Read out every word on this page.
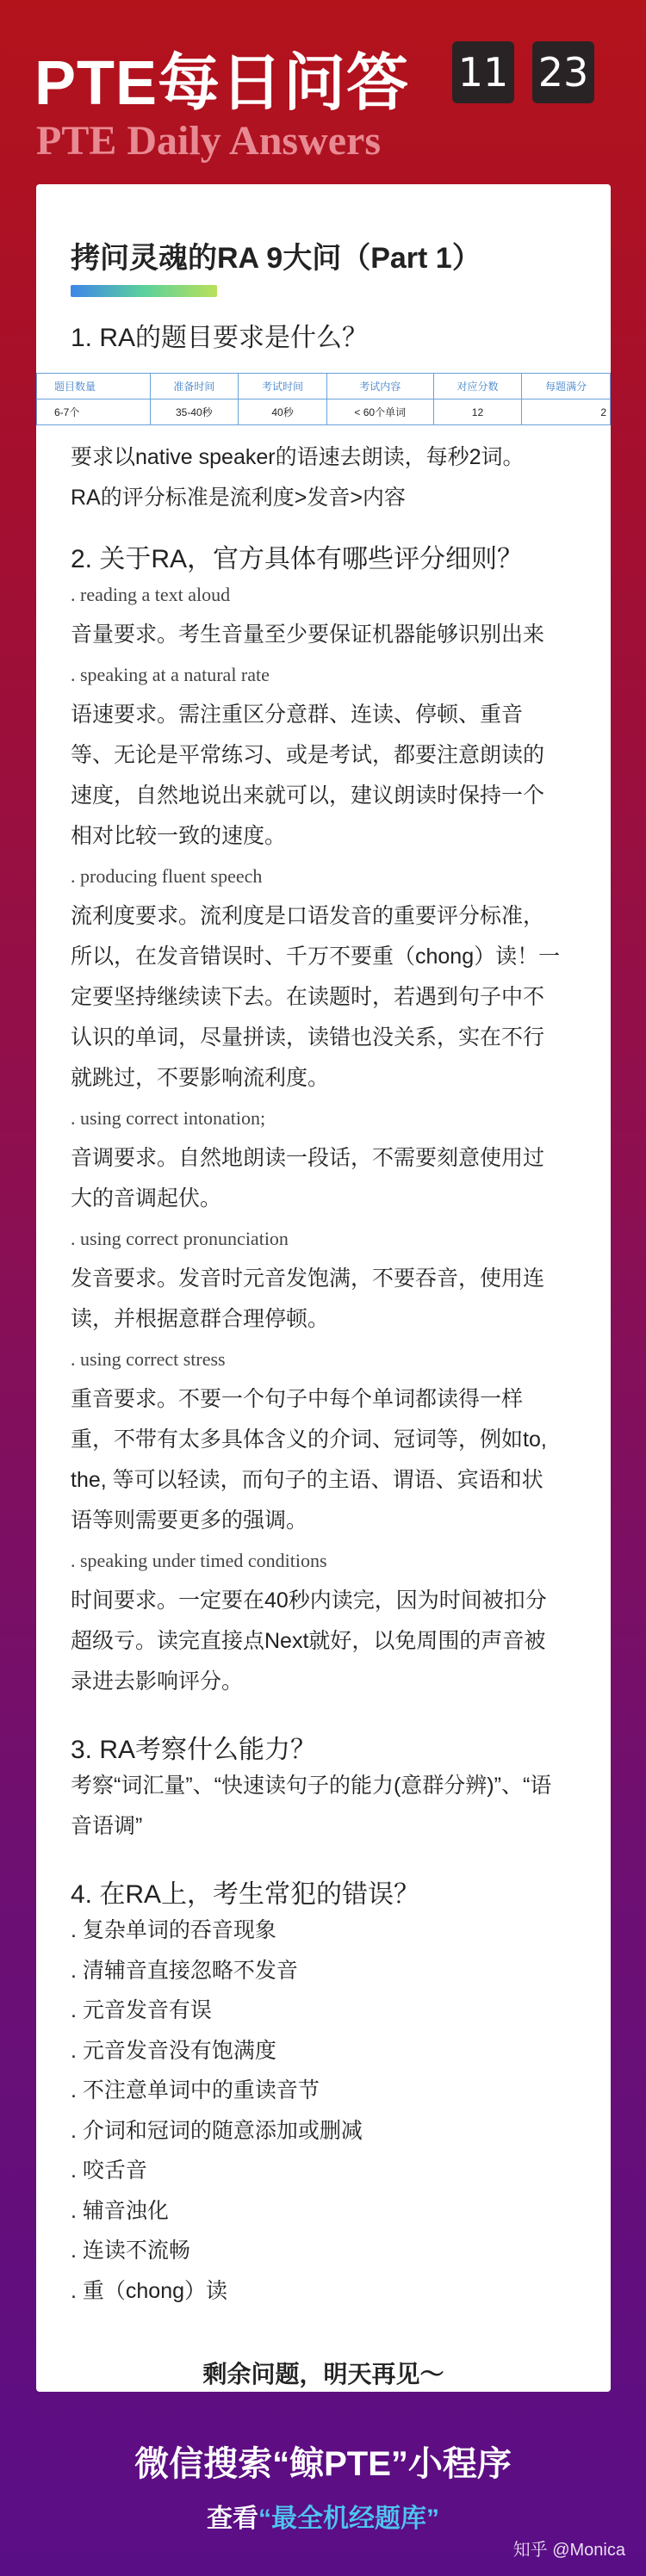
PTE每日问答 11 23
PTE Daily Answers
拷问灵魂的RA 9大问（Part 1）
1. RA的题目要求是什么？
题目数量	准备时间	考试时间	考试内容	对应分数	每题满分
6-7个	35-40秒	40秒	< 60个单词	12	2

要求以native speaker的语速去朗读，每秒2词。

RA的评分标准是流利度>发音>内容

2. 关于RA，官方具体有哪些评分细则？

. reading a text aloud

音量要求。考生音量至少要保证机器能够识别出来

. speaking at a natural rate

语速要求。需注重区分意群、连读、停顿、重音

等、无论是平常练习、或是考试，都要注意朗读的

速度，自然地说出来就可以，建议朗读时保持一个

相对比较一致的速度。

. producing fluent speech

流利度要求。流利度是口语发音的重要评分标准，

所以，在发音错误时、千万不要重（chong）读！一

定要坚持继续读下去。在读题时，若遇到句子中不

认识的单词，尽量拼读，读错也没关系，实在不行

就跳过，不要影响流利度。

. using correct intonation;

音调要求。自然地朗读一段话，不需要刻意使用过

大的音调起伏。

. using correct pronunciation

发音要求。发音时元音发饱满，不要吞音，使用连

读，并根据意群合理停顿。

. using correct stress

重音要求。不要一个句子中每个单词都读得一样

重，不带有太多具体含义的介词、冠词等，例如to,

the, 等可以轻读，而句子的主语、谓语、宾语和状

语等则需要更多的强调。

. speaking under timed conditions

时间要求。一定要在40秒内读完，因为时间被扣分

超级亏。读完直接点Next就好，以免周围的声音被

录进去影响评分。

3. RA考察什么能力？

考察“词汇量”、“快速读句子的能力(意群分辨)”、“语

音语调”

4. 在RA上，考生常犯的错误？

. 复杂单词的吞音现象

. 清辅音直接忽略不发音

. 元音发音有误

. 元音发音没有饱满度

. 不注意单词中的重读音节

. 介词和冠词的随意添加或删减

. 咬舌音

. 辅音浊化

. 连读不流畅

. 重（chong）读

剩余问题，明天再见～
微信搜索“鲸PTE”小程序
查看“最全机经题库”
知乎 @Monica
